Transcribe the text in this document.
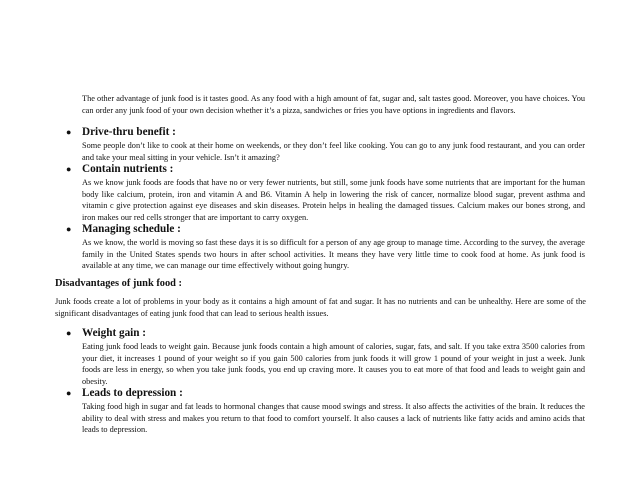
The other advantage of junk food is it tastes good. As any food with a high amount of fat, sugar and, salt tastes good. Moreover, you have choices. You can order any junk food of your own decision whether it’s a pizza, sandwiches or fries you have options in ingredients and flavors.

● Drive-thru benefit :

Some people don’t like to cook at their home on weekends, or they don’t feel like cooking. You can go to any junk food restaurant, and you can order and take your meal sitting in your vehicle. Isn’t it amazing?

● Contain nutrients :

As we know junk foods are foods that have no or very fewer nutrients, but still, some junk foods have some nutrients that are important for the human body like calcium, protein, iron and vitamin A and B6. Vitamin A help in lowering the risk of cancer, normalize blood sugar, prevent asthma and vitamin c give protection against eye diseases and skin diseases. Protein helps in healing the damaged tissues. Calcium makes our bones strong, and iron makes our red cells stronger that are important to carry oxygen.

● Managing schedule :

As we know, the world is moving so fast these days it is so difficult for a person of any age group to manage time. According to the survey, the average family in the United States spends two hours in after school activities. It means they have very little time to cook food at home. As junk food is available at any time, we can manage our time effectively without going hungry.

Disadvantages of junk food :

Junk foods create a lot of problems in your body as it contains a high amount of fat and sugar. It has no nutrients and can be unhealthy. Here are some of the significant disadvantages of eating junk food that can lead to serious health issues.

● Weight gain :

Eating junk food leads to weight gain. Because junk foods contain a high amount of calories, sugar, fats, and salt. If you take extra 3500 calories from your diet, it increases 1 pound of your weight so if you gain 500 calories from junk foods it will grow 1 pound of your weight in just a week. Junk foods are less in energy, so when you take junk foods, you end up craving more. It causes you to eat more of that food and leads to weight gain and obesity.

● Leads to depression :

Taking food high in sugar and fat leads to hormonal changes that cause mood swings and stress. It also affects the activities of the brain. It reduces the ability to deal with stress and makes you return to that food to comfort yourself. It also causes a lack of nutrients like fatty acids and amino acids that leads to depression.
